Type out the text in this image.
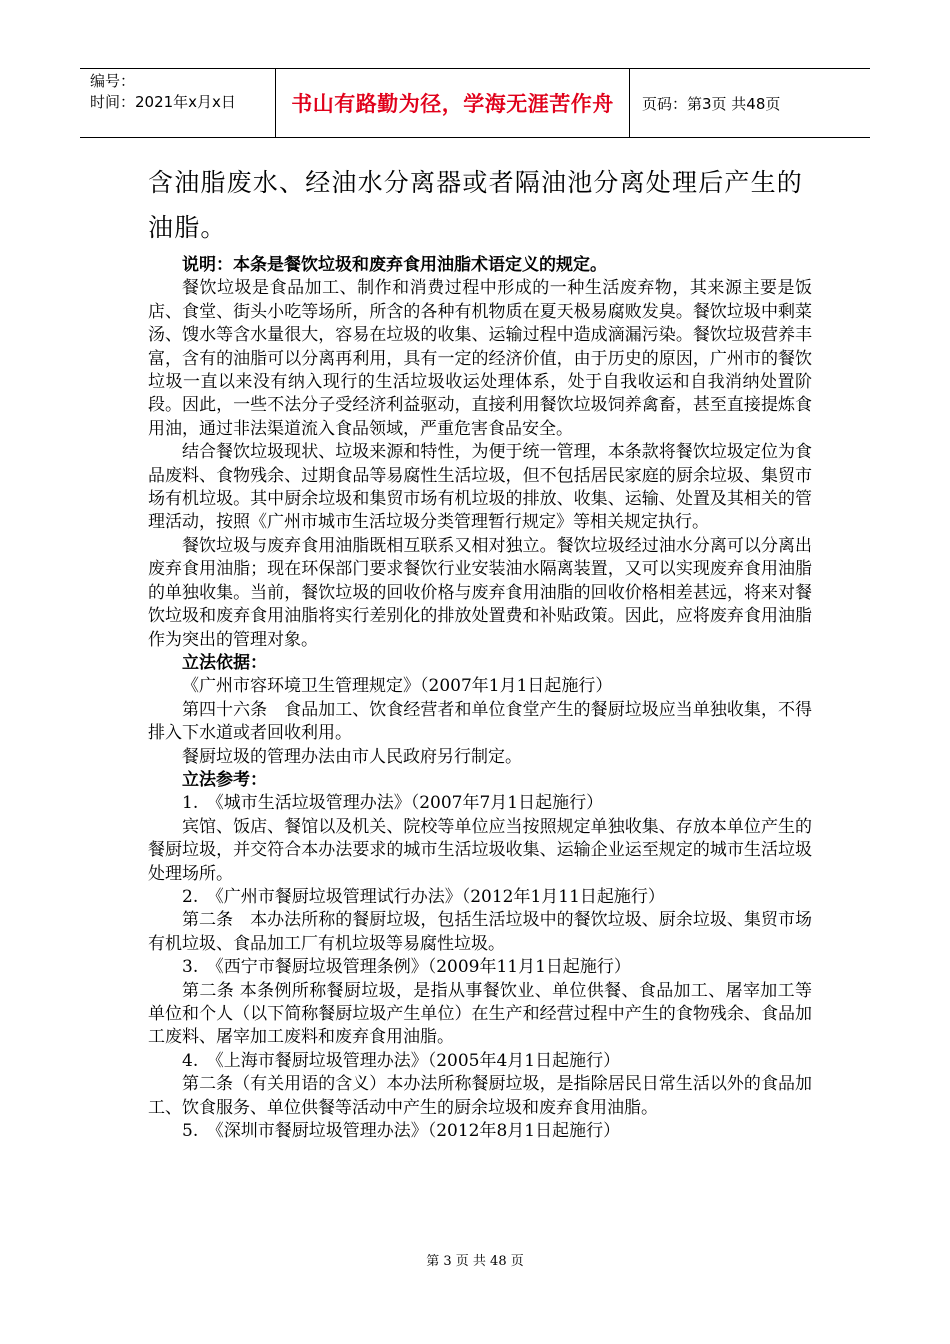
编号：
时间：2021年x月x日	书山有路勤为径，学海无涯苦作舟	页码：第3页 共48页

含油脂废水、经油水分离器或者隔油池分离处理后产生的油脂。

说明：本条是餐饮垃圾和废弃食用油脂术语定义的规定。

餐饮垃圾是食品加工、制作和消费过程中形成的一种生活废弃物，其来源主要是饭店、食堂、街头小吃等场所，所含的各种有机物质在夏天极易腐败发臭。餐饮垃圾中剩菜汤、馊水等含水量很大，容易在垃圾的收集、运输过程中造成滴漏污染。餐饮垃圾营养丰富，含有的油脂可以分离再利用，具有一定的经济价值，由于历史的原因，广州市的餐饮垃圾一直以来没有纳入现行的生活垃圾收运处理体系，处于自我收运和自我消纳处置阶段。因此，一些不法分子受经济利益驱动，直接利用餐饮垃圾饲养禽畜，甚至直接提炼食用油，通过非法渠道流入食品领域，严重危害食品安全。

结合餐饮垃圾现状、垃圾来源和特性，为便于统一管理，本条款将餐饮垃圾定位为食品废料、食物残余、过期食品等易腐性生活垃圾，但不包括居民家庭的厨余垃圾、集贸市场有机垃圾。其中厨余垃圾和集贸市场有机垃圾的排放、收集、运输、处置及其相关的管理活动，按照《广州市城市生活垃圾分类管理暂行规定》等相关规定执行。

餐饮垃圾与废弃食用油脂既相互联系又相对独立。餐饮垃圾经过油水分离可以分离出废弃食用油脂；现在环保部门要求餐饮行业安装油水隔离装置，又可以实现废弃食用油脂的单独收集。当前，餐饮垃圾的回收价格与废弃食用油脂的回收价格相差甚远，将来对餐饮垃圾和废弃食用油脂将实行差别化的排放处置费和补贴政策。因此，应将废弃食用油脂作为突出的管理对象。

立法依据：

《广州市容环境卫生管理规定》（2007年1月1日起施行）

第四十六条　食品加工、饮食经营者和单位食堂产生的餐厨垃圾应当单独收集，不得排入下水道或者回收利用。

餐厨垃圾的管理办法由市人民政府另行制定。

立法参考：

1.　《城市生活垃圾管理办法》（2007年7月1日起施行）

宾馆、饭店、餐馆以及机关、院校等单位应当按照规定单独收集、存放本单位产生的餐厨垃圾，并交符合本办法要求的城市生活垃圾收集、运输企业运至规定的城市生活垃圾处理场所。

2.　《广州市餐厨垃圾管理试行办法》（2012年1月11日起施行）

第二条　本办法所称的餐厨垃圾，包括生活垃圾中的餐饮垃圾、厨余垃圾、集贸市场有机垃圾、食品加工厂有机垃圾等易腐性垃圾。

3.　《西宁市餐厨垃圾管理条例》（2009年11月1日起施行）

第二条 本条例所称餐厨垃圾，是指从事餐饮业、单位供餐、食品加工、屠宰加工等单位和个人（以下简称餐厨垃圾产生单位）在生产和经营过程中产生的食物残余、食品加工废料、屠宰加工废料和废弃食用油脂。

4.　《上海市餐厨垃圾管理办法》（2005年4月1日起施行）

第二条（有关用语的含义）本办法所称餐厨垃圾，是指除居民日常生活以外的食品加工、饮食服务、单位供餐等活动中产生的厨余垃圾和废弃食用油脂。

5.　《深圳市餐厨垃圾管理办法》（2012年8月1日起施行）

第 3 页 共 48 页
